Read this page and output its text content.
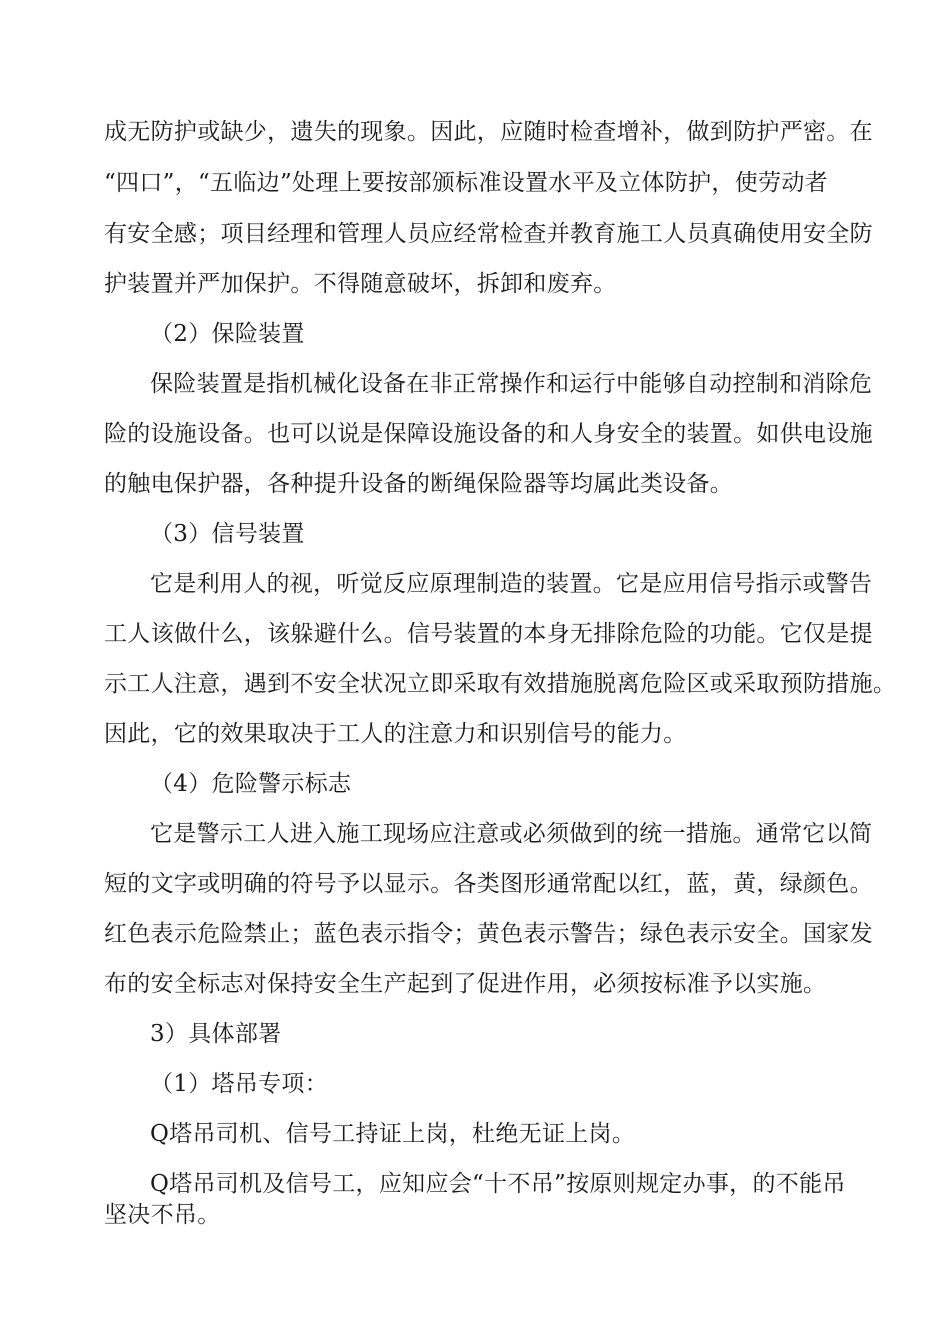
成无防护或缺少，遗失的现象。因此，应随时检查增补，做到防护严密。在
“四口”，“五临边”处理上要按部颁标准设置水平及立体防护，使劳动者
有安全感；项目经理和管理人员应经常检查并教育施工人员真确使用安全防
护装置并严加保护。不得随意破坏，拆卸和废弃。
（2）保险装置
保险装置是指机械化设备在非正常操作和运行中能够自动控制和消除危
险的设施设备。也可以说是保障设施设备的和人身安全的装置。如供电设施
的触电保护器，各种提升设备的断绳保险器等均属此类设备。
（3）信号装置
它是利用人的视，听觉反应原理制造的装置。它是应用信号指示或警告
工人该做什么，该躲避什么。信号装置的本身无排除危险的功能。它仅是提
示工人注意，遇到不安全状况立即采取有效措施脱离危险区或采取预防措施。
因此，它的效果取决于工人的注意力和识别信号的能力。
（4）危险警示标志
它是警示工人进入施工现场应注意或必须做到的统一措施。通常它以简
短的文字或明确的符号予以显示。各类图形通常配以红，蓝，黄，绿颜色。
红色表示危险禁止；蓝色表示指令；黄色表示警告；绿色表示安全。国家发
布的安全标志对保持安全生产起到了促进作用，必须按标准予以实施。
3）具体部署
（1）塔吊专项：
Q塔吊司机、信号工持证上岗，杜绝无证上岗。
Q塔吊司机及信号工，应知应会“十不吊”按原则规定办事，的不能吊
坚决不吊。
